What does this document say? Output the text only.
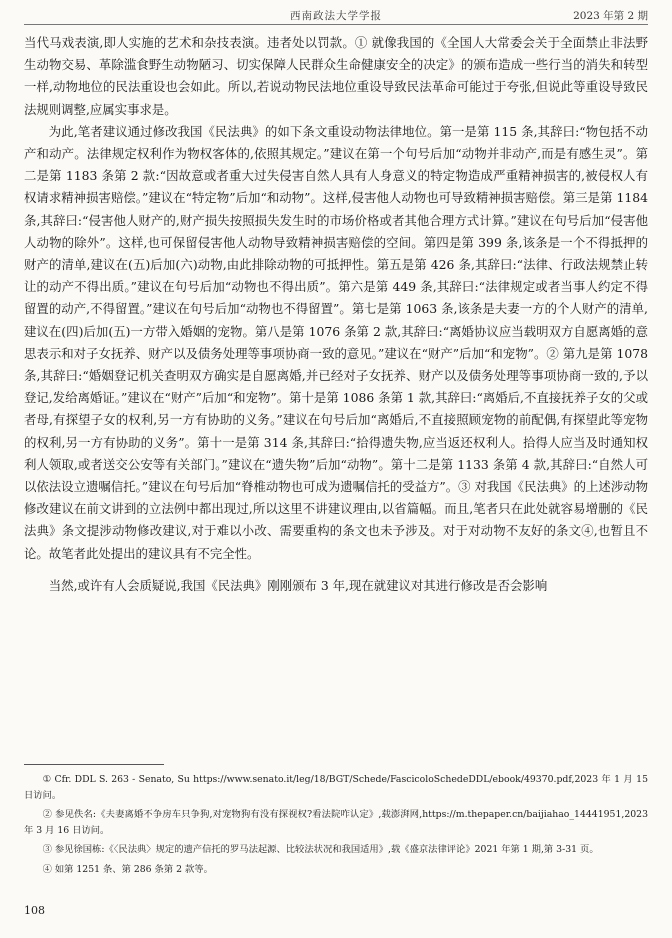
西南政法大学学报	2023 年第 2 期

当代马戏表演,即人实施的艺术和杂技表演。违者处以罚款。① 就像我国的《全国人大常委会关于全面禁止非法野生动物交易、革除滥食野生动物陋习、切实保障人民群众生命健康安全的决定》的颁布造成一些行当的消失和转型一样,动物地位的民法重设也会如此。所以,若说动物民法地位重设导致民法革命可能过于夸张,但说此等重设导致民法规则调整,应属实事求是。

为此,笔者建议通过修改我国《民法典》的如下条文重设动物法律地位。第一是第 115 条,其辞曰:“物包括不动产和动产。法律规定权利作为物权客体的,依照其规定。”建议在第一个句号后加“动物并非动产,而是有感生灵”。第二是第 1183 条第 2 款:“因故意或者重大过失侵害自然人具有人身意义的特定物造成严重精神损害的,被侵权人有权请求精神损害赔偿。”建议在“特定物”后加“和动物”。这样,侵害他人动物也可导致精神损害赔偿。第三是第 1184 条,其辞曰:“侵害他人财产的,财产损失按照损失发生时的市场价格或者其他合理方式计算。”建议在句号后加“侵害他人动物的除外”。这样,也可保留侵害他人动物导致精神损害赔偿的空间。第四是第 399 条,该条是一个不得抵押的财产的清单,建议在(五)后加(六)动物,由此排除动物的可抵押性。第五是第 426 条,其辞曰:“法律、行政法规禁止转让的动产不得出质。”建议在句号后加“动物也不得出质”。第六是第 449 条,其辞曰:“法律规定或者当事人约定不得留置的动产,不得留置。”建议在句号后加“动物也不得留置”。第七是第 1063 条,该条是夫妻一方的个人财产的清单,建议在(四)后加(五)一方带入婚姻的宠物。第八是第 1076 条第 2 款,其辞曰:“离婚协议应当载明双方自愿离婚的意思表示和对子女抚养、财产以及债务处理等事项协商一致的意见。”建议在“财产”后加“和宠物”。② 第九是第 1078 条,其辞曰:“婚姻登记机关查明双方确实是自愿离婚,并已经对子女抚养、财产以及债务处理等事项协商一致的,予以登记,发给离婚证。”建议在“财产”后加“和宠物”。第十是第 1086 条第 1 款,其辞曰:“离婚后,不直接抚养子女的父或者母,有探望子女的权利,另一方有协助的义务。”建议在句号后加“离婚后,不直接照顾宠物的前配偶,有探望此等宠物的权利,另一方有协助的义务”。第十一是第 314 条,其辞曰:“拾得遗失物,应当返还权利人。拾得人应当及时通知权利人领取,或者送交公安等有关部门。”建议在“遗失物”后加“动物”。第十二是第 1133 条第 4 款,其辞曰:“自然人可以依法设立遗嘱信托。”建议在句号后加“脊椎动物也可成为遗嘱信托的受益方”。③ 对我国《民法典》的上述涉动物修改建议在前文讲到的立法例中都出现过,所以这里不讲建议理由,以省篇幅。而且,笔者只在此处就容易增删的《民法典》条文提涉动物修改建议,对于难以小改、需要重构的条文也未予涉及。对于对动物不友好的条文④,也暂且不论。故笔者此处提出的建议具有不完全性。

当然,或许有人会质疑说,我国《民法典》刚刚颁布 3 年,现在就建议对其进行修改是否会影响

① Cfr. DDL S. 263 - Senato, Su https://www.senato.it/leg/18/BGT/Schede/FascicoloSchedeDDL/ebook/49370.pdf,2023 年 1 月 15 日访问。
② 参见佚名:《夫妻离婚不争房车只争狗,对宠物狗有没有探视权?看法院咋认定》,载澎湃网,https://m.thepaper.cn/baijiahao_14441951,2023 年 3 月 16 日访问。
③ 参见徐国栋:《〈民法典〉规定的遗产信托的罗马法起源、比较法状况和我国适用》,载《盛京法律评论》2021 年第 1 期,第 3-31 页。
④ 如第 1251 条、第 286 条第 2 款等。
108
